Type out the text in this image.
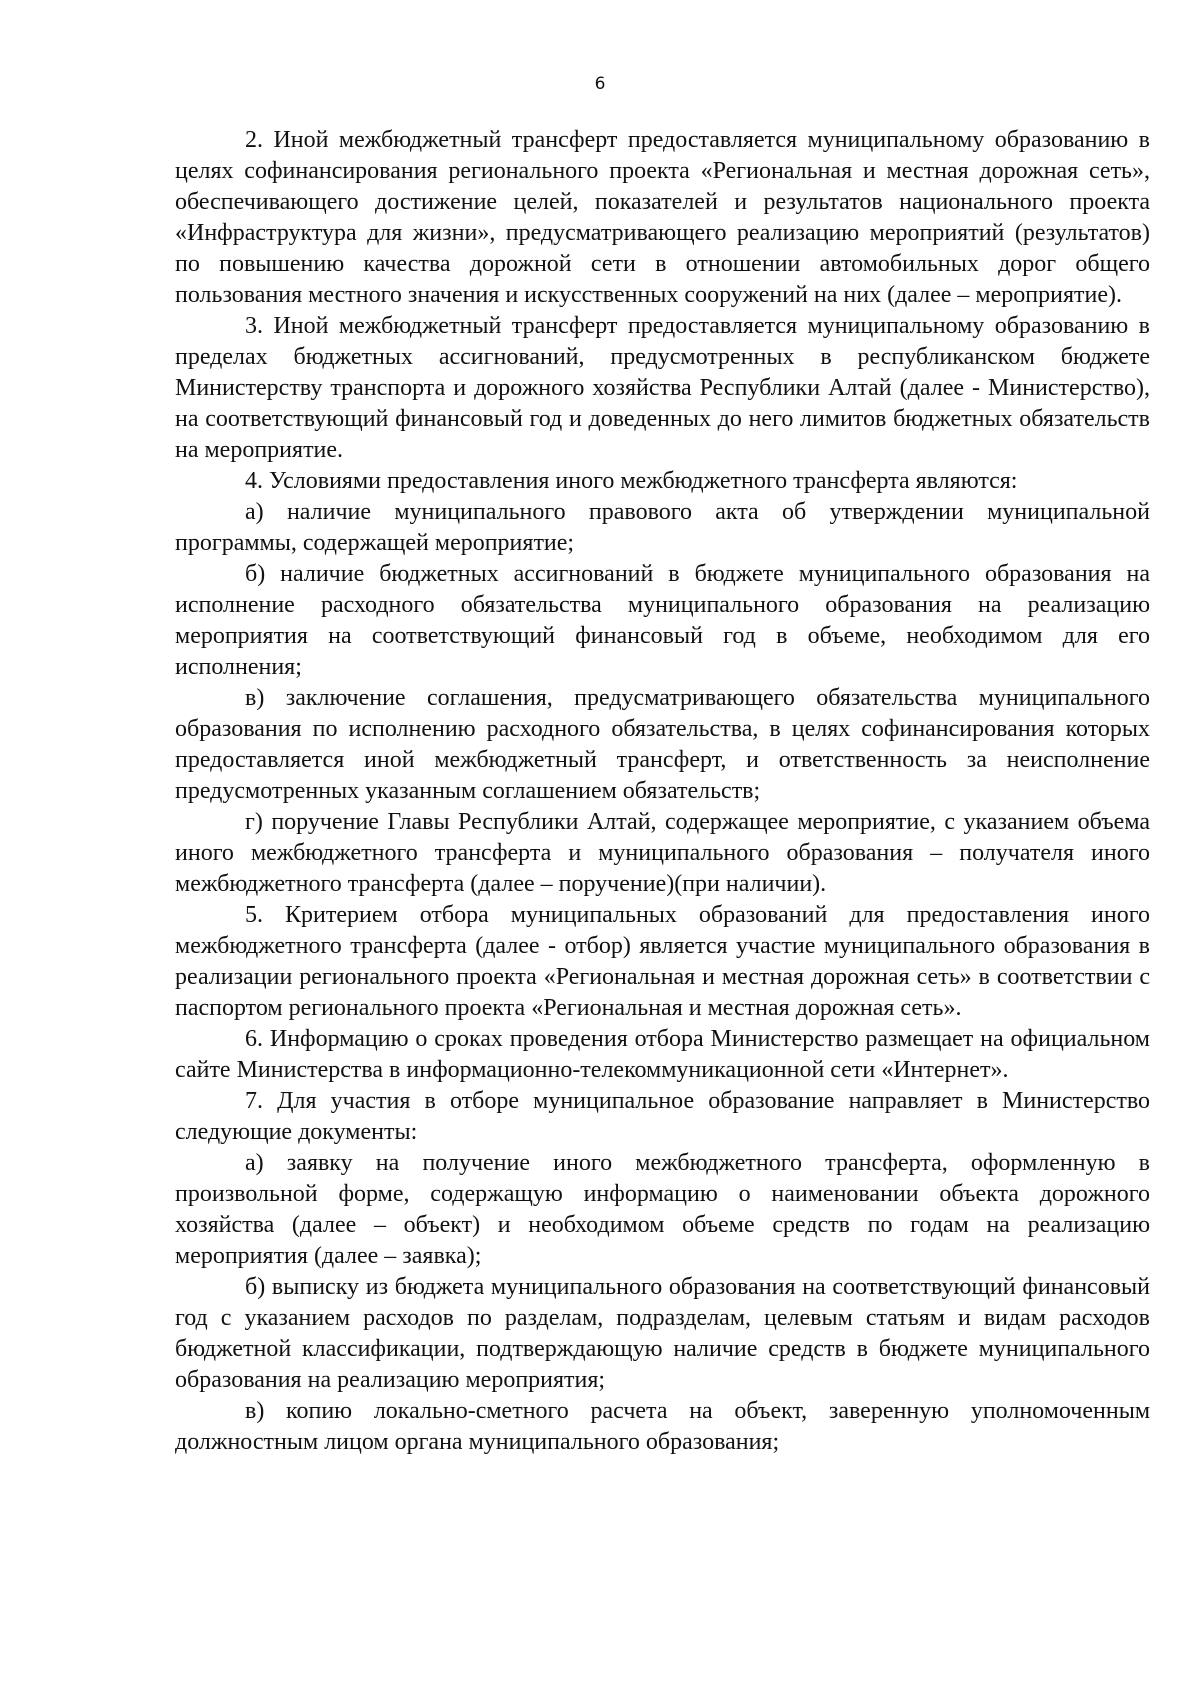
6

2. Иной межбюджетный трансферт предоставляется муниципальному образованию в целях софинансирования регионального проекта «Региональная и местная дорожная сеть», обеспечивающего достижение целей, показателей и результатов национального проекта «Инфраструктура для жизни», предусматривающего реализацию мероприятий (результатов) по повышению качества дорожной сети в отношении автомобильных дорог общего пользования местного значения и искусственных сооружений на них (далее – мероприятие).

3. Иной межбюджетный трансферт предоставляется муниципальному образованию в пределах бюджетных ассигнований, предусмотренных в республиканском бюджете Министерству транспорта и дорожного хозяйства Республики Алтай (далее - Министерство), на соответствующий финансовый год и доведенных до него лимитов бюджетных обязательств на мероприятие.

4. Условиями предоставления иного межбюджетного трансферта являются:

а) наличие муниципального правового акта об утверждении муниципальной программы, содержащей мероприятие;

б) наличие бюджетных ассигнований в бюджете муниципального образования на исполнение расходного обязательства муниципального образования на реализацию мероприятия на соответствующий финансовый год в объеме, необходимом для его исполнения;

в) заключение соглашения, предусматривающего обязательства муниципального образования по исполнению расходного обязательства, в целях софинансирования которых предоставляется иной межбюджетный трансферт, и ответственность за неисполнение предусмотренных указанным соглашением обязательств;

г) поручение Главы Республики Алтай, содержащее мероприятие, с указанием объема иного межбюджетного трансферта и муниципального образования – получателя иного межбюджетного трансферта (далее – поручение)(при наличии).

5. Критерием отбора муниципальных образований для предоставления иного межбюджетного трансферта (далее - отбор) является участие муниципального образования в реализации регионального проекта «Региональная и местная дорожная сеть» в соответствии с паспортом регионального проекта «Региональная и местная дорожная сеть».

6. Информацию о сроках проведения отбора Министерство размещает на официальном сайте Министерства в информационно-телекоммуникационной сети «Интернет».

7. Для участия в отборе муниципальное образование направляет в Министерство следующие документы:

а) заявку на получение иного межбюджетного трансферта, оформленную в произвольной форме, содержащую информацию о наименовании объекта дорожного хозяйства (далее – объект) и необходимом объеме средств по годам на реализацию мероприятия (далее – заявка);

б) выписку из бюджета муниципального образования на соответствующий финансовый год с указанием расходов по разделам, подразделам, целевым статьям и видам расходов бюджетной классификации, подтверждающую наличие средств в бюджете муниципального образования на реализацию мероприятия;

в) копию локально-сметного расчета на объект, заверенную уполномоченным должностным лицом органа муниципального образования;
